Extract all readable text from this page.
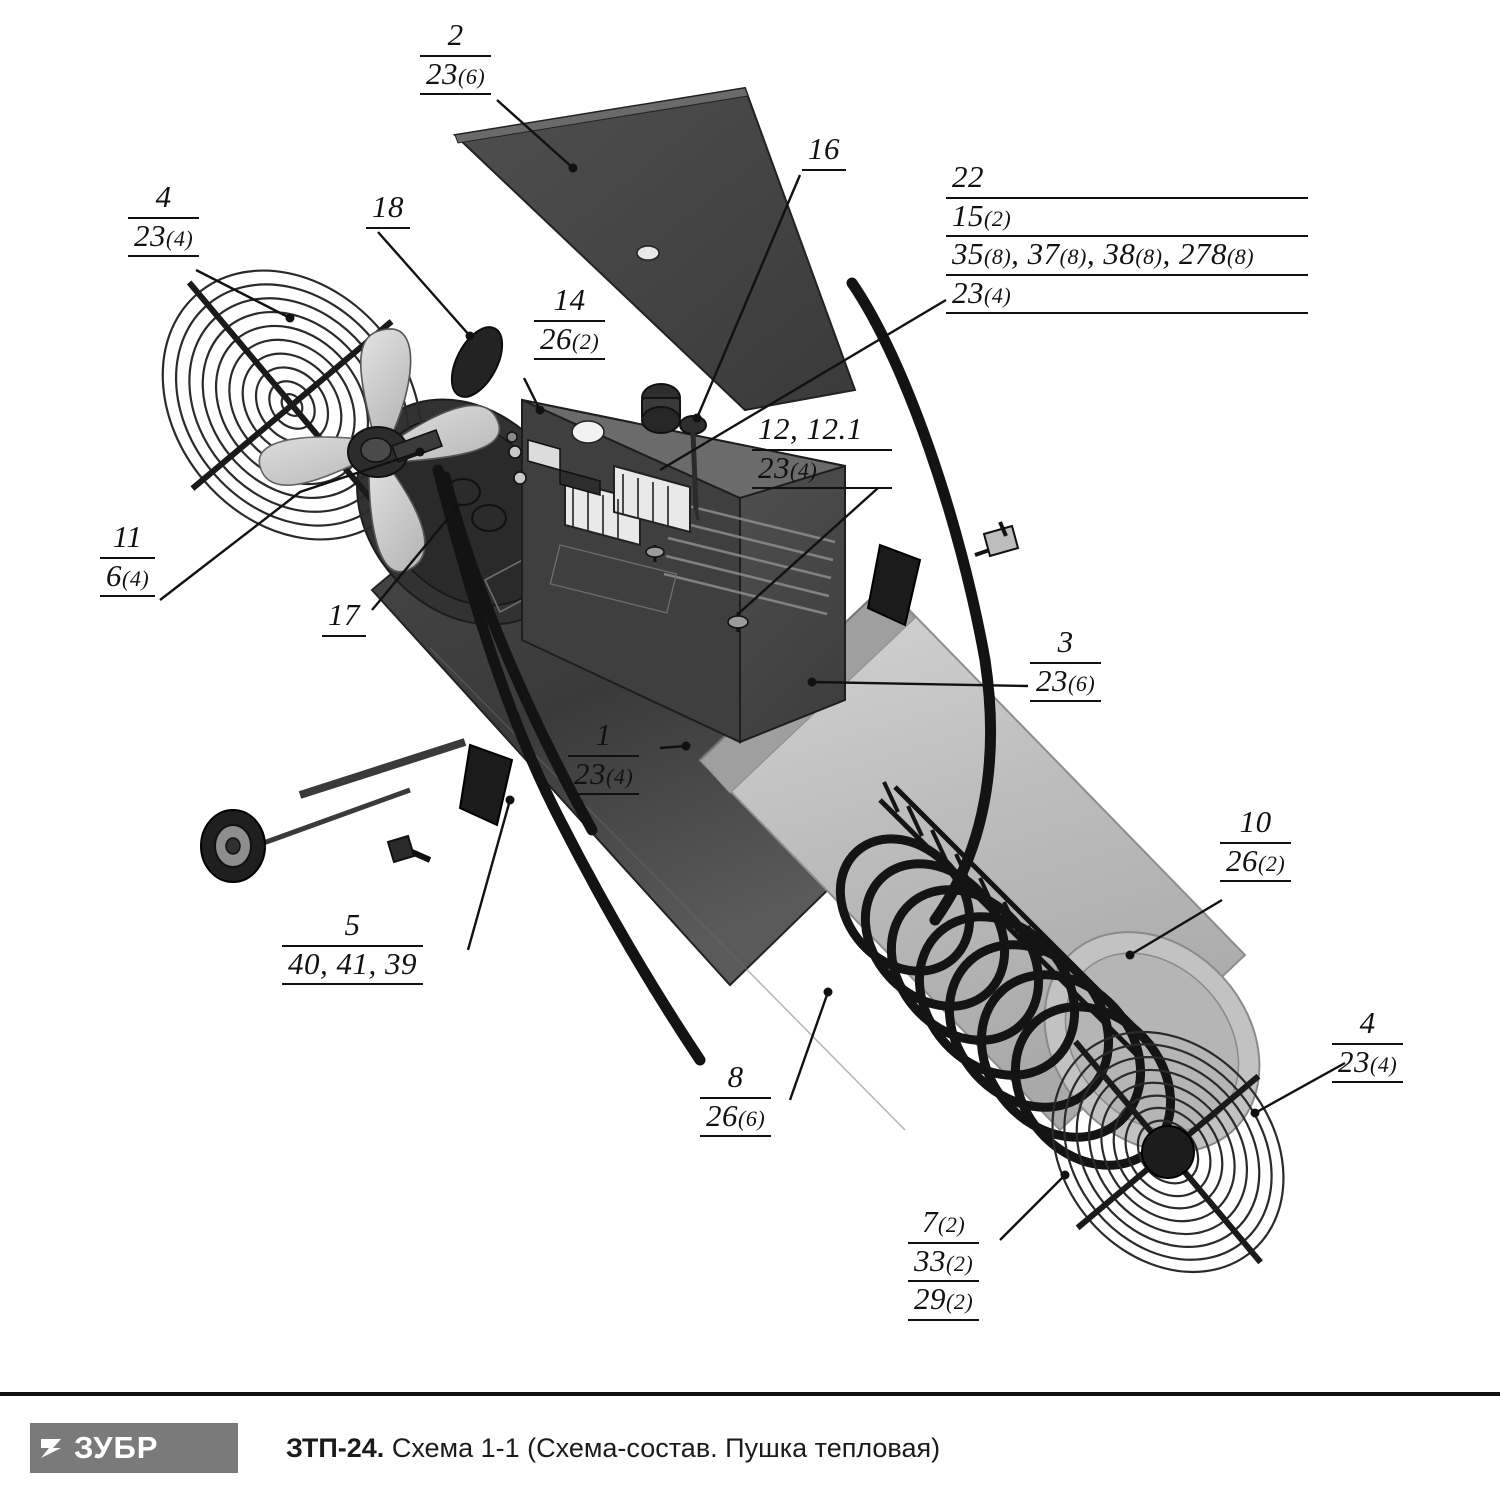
2
23(6)
16
22
15(2)
35(8), 37(8), 38(8), 278(8)
23(4)
4
23(4)
18
14
26(2)
12, 12.1
23(4)
11
6(4)
17
3
23(6)
1
23(4)
5
40, 41, 39
10
26(2)
8
26(6)
4
23(4)
7(2)
33(2)
29(2)
ЗУБР	ЗТП-24. Схема 1-1 (Схема-состав. Пушка тепловая)
